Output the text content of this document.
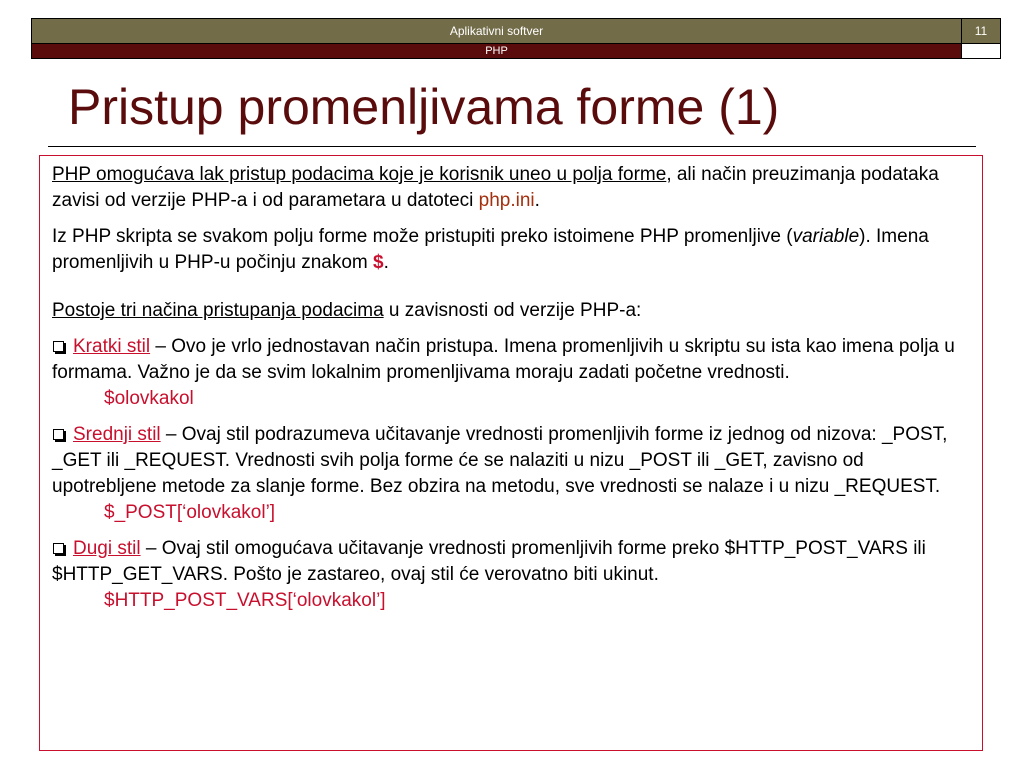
Aplikativni softver	11
PHP
Pristup promenljivama forme (1)

PHP omogućava lak pristup podacima koje je korisnik uneo u polja forme, ali način preuzimanja podataka zavisi od verzije PHP-a i od parametara u datoteci php.ini.

Iz PHP skripta se svakom polju forme može pristupiti preko istoimene PHP promenljive (variable). Imena promenljivih u PHP-u počinju znakom $.

Postoje tri načina pristupanja podacima u zavisnosti od verzije PHP-a:

Kratki stil – Ovo je vrlo jednostavan način pristupa. Imena promenljivih u skriptu su ista kao imena polja u formama. Važno je da se svim lokalnim promenljivama moraju zadati početne vrednosti.
$olovkakol
Srednji stil – Ovaj stil podrazumeva učitavanje vrednosti promenljivih forme iz jednog od nizova: _POST, _GET ili _REQUEST. Vrednosti svih polja forme će se nalaziti u nizu _POST ili _GET, zavisno od upotrebljene metode za slanje forme. Bez obzira na metodu, sve vrednosti se nalaze i u nizu _REQUEST.
$_POST[‘olovkakol’]
Dugi stil – Ovaj stil omogućava učitavanje vrednosti promenljivih forme preko $HTTP_POST_VARS ili $HTTP_GET_VARS. Pošto je zastareo, ovaj stil će verovatno biti ukinut.
$HTTP_POST_VARS[‘olovkakol’]
